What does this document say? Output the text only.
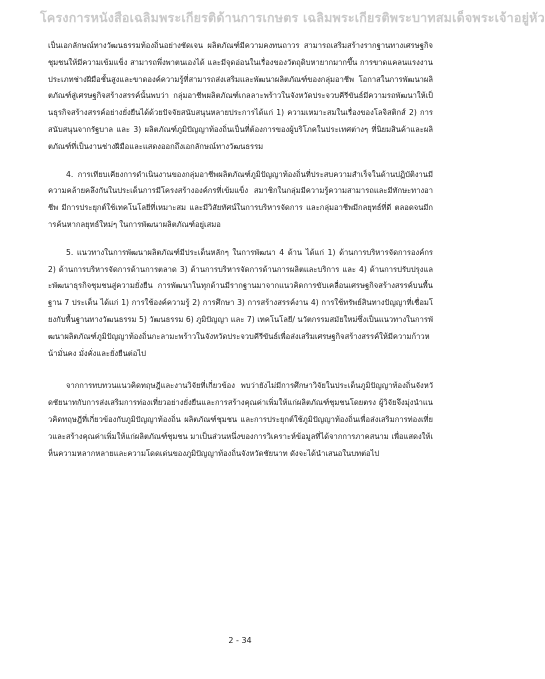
โครงการหนังสือเฉลิมพระเกียรติด้านการเกษตร เฉลิมพระเกียรติพระบาทสมเด็จพระเจ้าอยู่หัว

เป็นเอกลักษณ์ทางวัฒนธรรมท้องถิ่นอย่างชัดเจน ผลิตภัณฑ์มีความคงทนถาวร สามารถเสริมสร้างรากฐานทางเศรษฐกิจชุมชนให้มีความเข้มแข็ง สามารถพึ่งพาตนเองได้ และมีจุดอ่อนในเรื่องของวัตถุดิบหายากมากขึ้น การขาดแคลนแรงงานประเภทช่างฝีมือชั้นสูงและขาดองค์ความรู้ที่สามารถส่งเสริมและพัฒนาผลิตภัณฑ์ของกลุ่มอาชีพ โอกาสในการพัฒนาผลิตภัณฑ์สู่เศรษฐกิจสร้างสรรค์นั้นพบว่า กลุ่มอาชีพผลิตภัณฑ์เกลลาะพร้าวในจังหวัดประจวบคีรีขันธ์มีความรถพัฒนาให้เป็นธุรกิจสร้างสรรค์อย่างยั่งยืนได้ด้วยปัจจัยสนับสนุนหลายประการได้แก่ 1) ความเหมาะสมในเรื่องของโลจิสติกส์ 2) การสนับสนุนจากรัฐบาล และ 3) ผลิตภัณฑ์ภูมิปัญญาท้องถิ่นเป็นที่ต้องการของผู้บริโภคในประเทศต่างๆ ที่นิยมสินค้าและผลิตภัณฑ์ที่เป็นงานช่างฝีมือและแสดงออกถึงเอกลักษณ์ทางวัฒนธรรม

4. การเทียบเคียงการดำเนินงานของกลุ่มอาชีพผลิตภัณฑ์ภูมิปัญญาท้องถิ่นที่ประสบความสำเร็จในด้านปฏิบัติงานมีความคล้ายคลึงกันในประเด็นการมีโครงสร้างองค์กรที่เข้มแข็ง สมาชิกในกลุ่มมีความรู้ความสามารถและมีทักษะทางอาชีพ มีการประยุกต์ใช้เทคโนโลยีที่เหมาะสม และมีวิสัยทัศน์ในการบริหารจัดการ และกลุ่มอาชีพมีกลยุทธ์ที่ดี ตลอดจนมีการค้นหากลยุทธ์ใหม่ๆ ในการพัฒนาผลิตภัณฑ์อยู่เสมอ

5. แนวทางในการพัฒนาผลิตภัณฑ์มีประเด็นหลักๆ ในการพัฒนา 4 ด้าน ได้แก่ 1) ด้านการบริหารจัดการองค์กร 2) ด้านการบริหารจัดการด้านการตลาด 3) ด้านการบริหารจัดการด้านการผลิตและบริการ และ 4) ด้านการปรับปรุงและพัฒนาธุรกิจชุมชนสู่ความยั่งยืน การพัฒนาในทุกด้านมีรากฐานมาจากแนวคิดการขับเคลื่อนเศรษฐกิจสร้างสรรค์บนพื้นฐาน 7 ประเด็น ได้แก่ 1) การใช้องค์ความรู้ 2) การศึกษา 3) การสร้างสรรค์งาน 4) การใช้ทรัพย์สินทางปัญญาที่เชื่อมโยงกับพื้นฐานทางวัฒนธรรม 5) วัฒนธรรม 6) ภูมิปัญญา และ 7) เทคโนโลยี/ นวัตกรรมสมัยใหม่ซึ่งเป็นแนวทางในการพัฒนาผลิตภัณฑ์ภูมิปัญญาท้องถิ่นกะลามะพร้าวในจังหวัดประจวบคีรีขันธ์เพื่อส่งเสริมเศรษฐกิจสร้างสรรค์ให้มีความก้าวหน้ามั่นคง มั่งคั่งและยั่งยืนต่อไป

จากการทบทวนแนวคิดทฤษฎีและงานวิจัยที่เกี่ยวข้อง พบว่ายังไม่มีการศึกษาวิจัยในประเด็นภูมิปัญญาท้องถิ่นจังหวัดชัยนาทกับการส่งเสริมการท่องเที่ยวอย่างยั่งยืนและการสร้างคุณค่าเพิ่มให้แก่ผลิตภัณฑ์ชุมชนโดยตรง ผู้วิจัยจึงมุ่งนำแนวคิดทฤษฎีที่เกี่ยวข้องกับภูมิปัญญาท้องถิ่น ผลิตภัณฑ์ชุมชน และการประยุกต์ใช้ภูมิปัญญาท้องถิ่นเพื่อส่งเสริมการท่องเที่ยวและสร้างคุณค่าเพิ่มให้แก่ผลิตภัณฑ์ชุมชน มาเป็นส่วนหนึ่งของการวิเคราะห์ข้อมูลที่ได้จากการภาคสนาม เพื่อแสดงให้เห็นความหลากหลายและความโดดเด่นของภูมิปัญญาท้องถิ่นจังหวัดชัยนาท ดังจะได้นำเสนอในบทต่อไป

2 - 34
